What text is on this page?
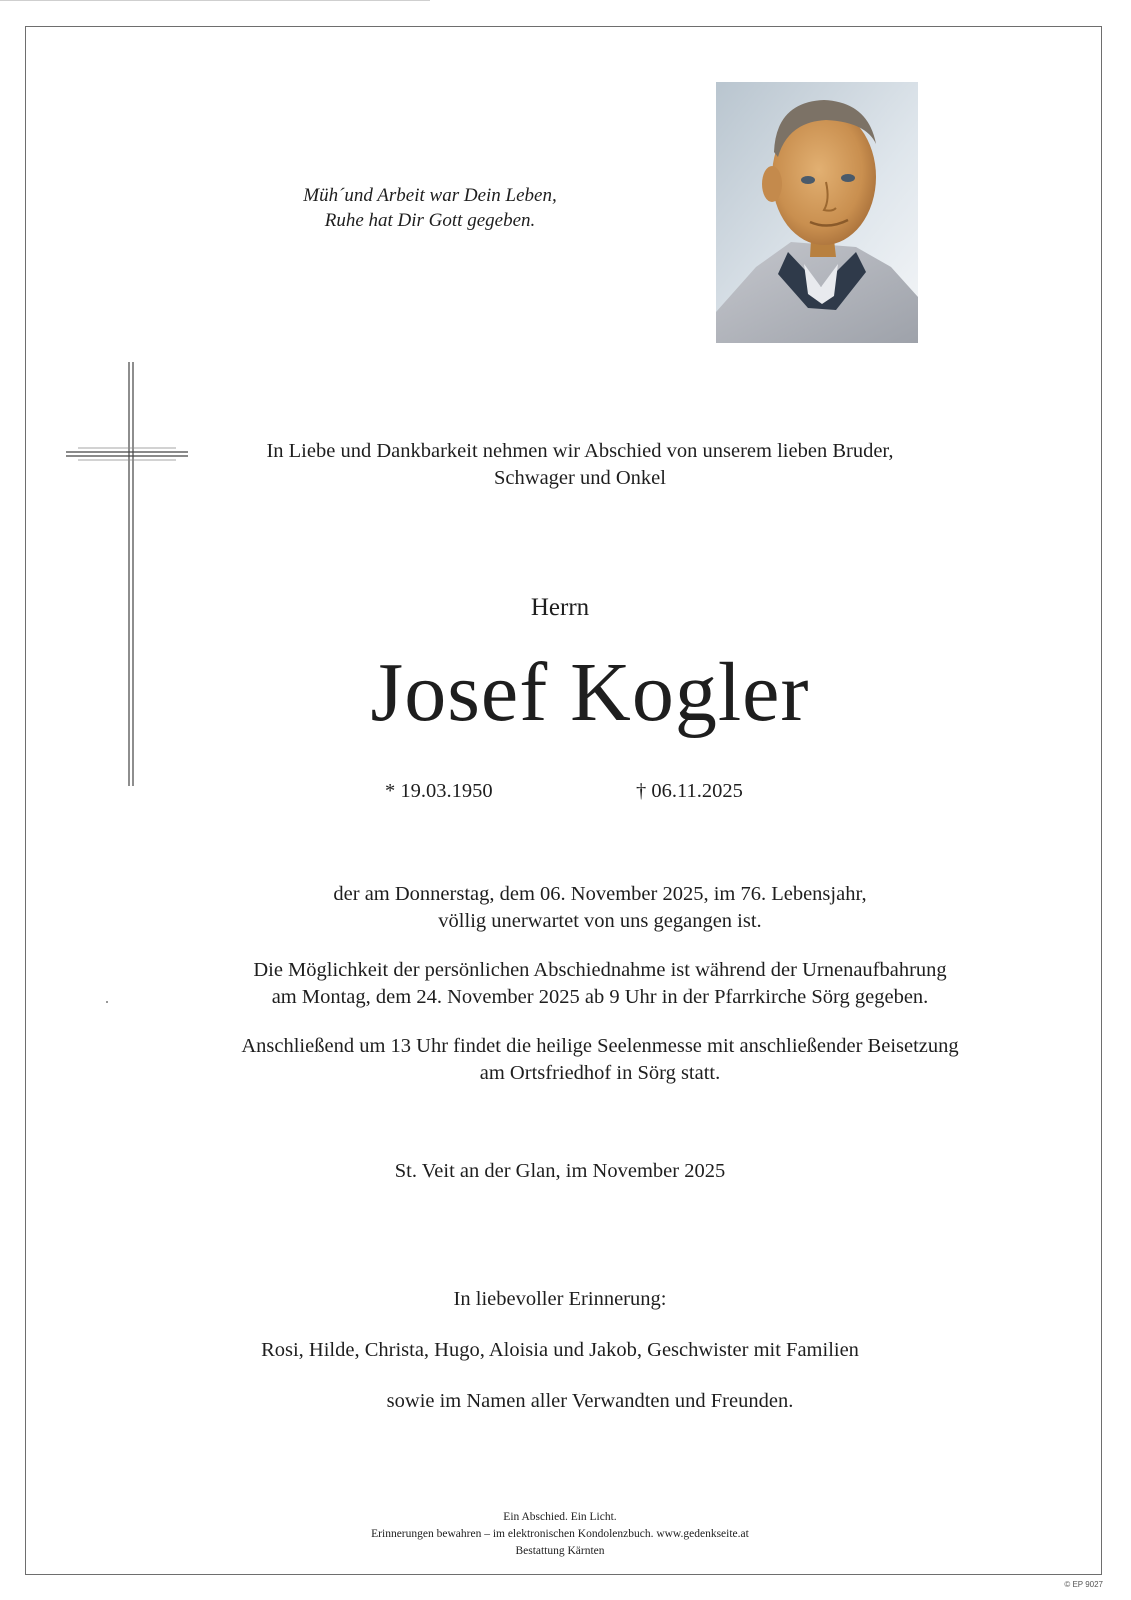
Müh´und Arbeit war Dein Leben,
Ruhe hat Dir Gott gegeben.
In Liebe und Dankbarkeit nehmen wir Abschied von unserem lieben Bruder,
Schwager und Onkel
Herrn
Josef Kogler
* 19.03.1950	† 06.11.2025
der am Donnerstag, dem 06. November 2025, im 76. Lebensjahr,
völlig unerwartet von uns gegangen ist.
Die Möglichkeit der persönlichen Abschiednahme ist während der Urnenaufbahrung
am Montag, dem 24. November 2025 ab 9 Uhr in der Pfarrkirche Sörg gegeben.
Anschließend um 13 Uhr findet die heilige Seelenmesse mit anschließender Beisetzung
am Ortsfriedhof in Sörg statt.
St. Veit an der Glan, im November 2025
In liebevoller Erinnerung:
Rosi, Hilde, Christa, Hugo, Aloisia und Jakob, Geschwister mit Familien
sowie im Namen aller Verwandten und Freunden.
Ein Abschied. Ein Licht.
Erinnerungen bewahren – im elektronischen Kondolenzbuch. www.gedenkseite.at
Bestattung Kärnten
© EP 9027
